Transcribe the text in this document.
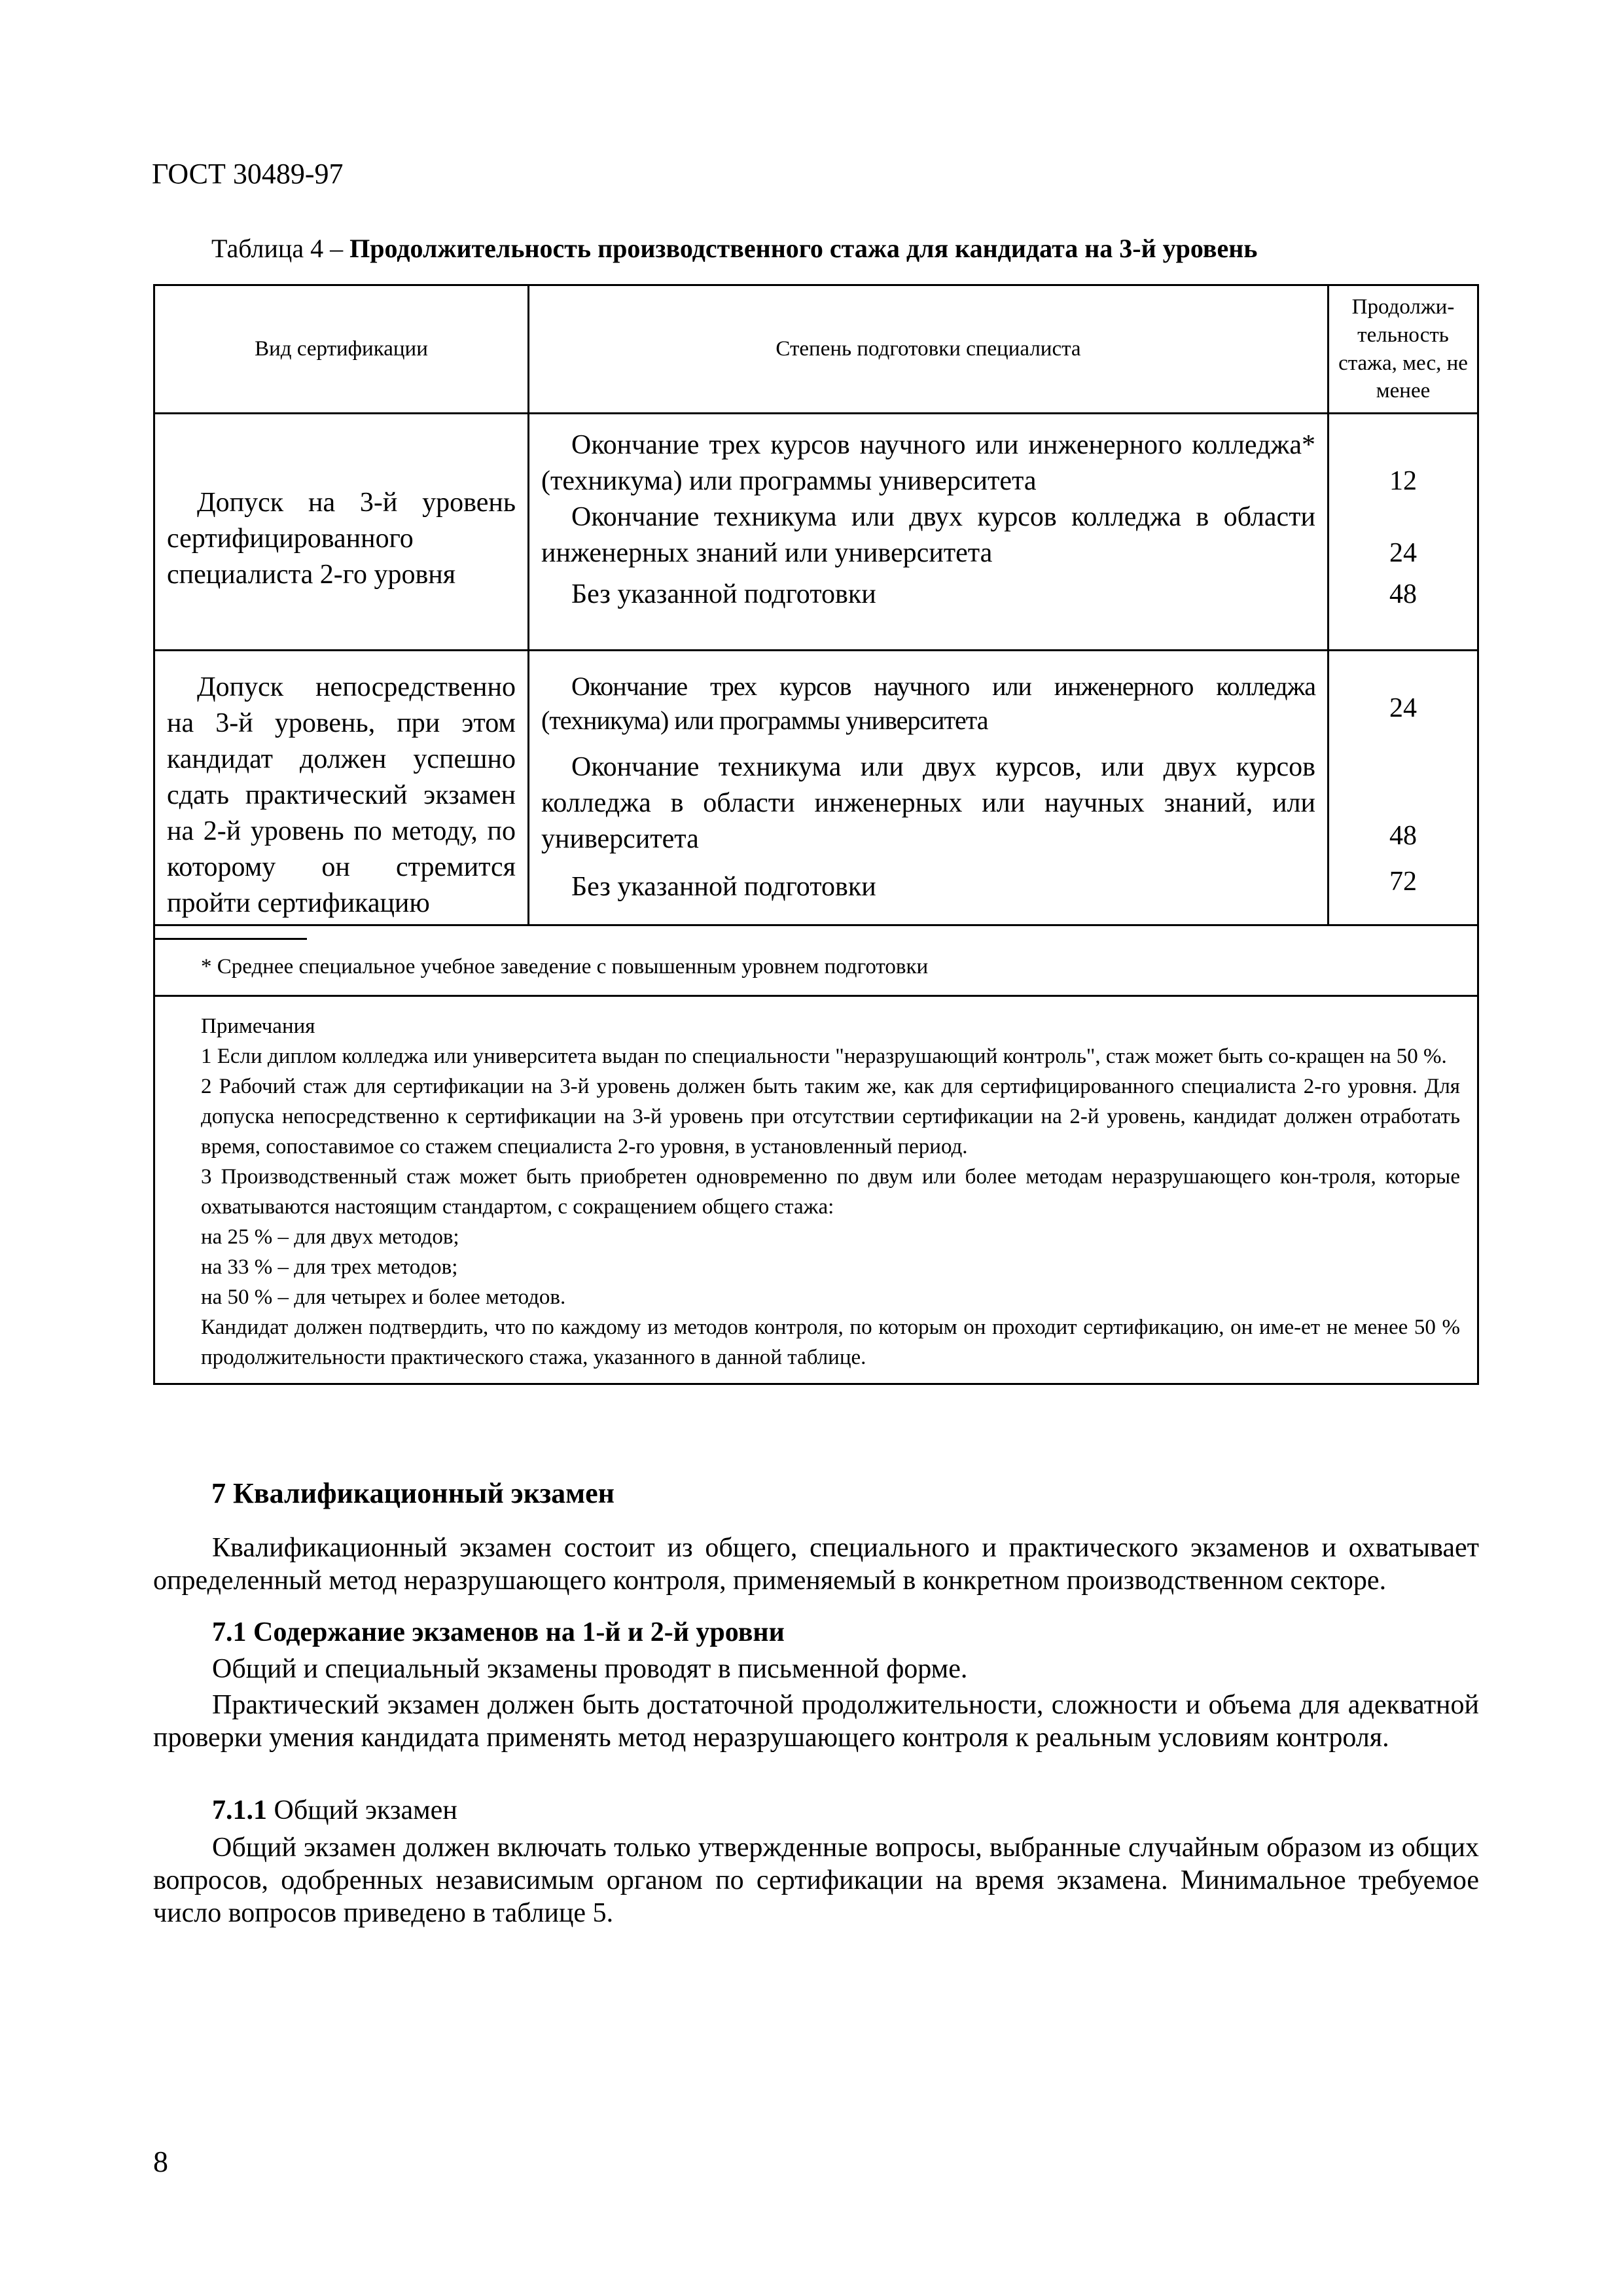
ГОСТ 30489-97
Таблица 4 – Продолжительность производственного стажа для кандидата на 3-й уровень
Вид сертификации	Степень подготовки специалиста
Продолжи-тельность стажа, мес, не менее
Допуск на 3-й уровень сертифицированного специалиста 2-го уровня
Окончание трех курсов научного или инженерного колледжа* (техникума) или программы университета
Окончание техникума или двух курсов колледжа в области инженерных знаний или университета
Без указанной подготовки
12
24
48
Допуск непосредственно на 3-й уровень, при этом кандидат должен успешно сдать практический экзамен на 2-й уровень по методу, по которому он стремится пройти сертификацию
Окончание трех курсов научного или инженерного колледжа (техникума) или программы университета
Окончание техникума или двух курсов, или двух курсов колледжа в области инженерных или научных знаний, или университета
Без указанной подготовки
24
48
72
* Среднее специальное учебное заведение с повышенным уровнем подготовки

Примечания

1 Если диплом колледжа или университета выдан по специальности "неразрушающий контроль", стаж может быть со-кращен на 50 %.

2 Рабочий стаж для сертификации на 3-й уровень должен быть таким же, как для сертифицированного специалиста 2-го уровня. Для допуска непосредственно к сертификации на 3-й уровень при отсутствии сертификации на 2-й уровень, кандидат должен отработать время, сопоставимое со стажем специалиста 2-го уровня, в установленный период.

3 Производственный стаж может быть приобретен одновременно по двум или более методам неразрушающего кон-троля, которые охватываются настоящим стандартом, с сокращением общего стажа:

на 25 % – для двух методов;

на 33 % – для трех методов;

на 50 % – для четырех и более методов.

Кандидат должен подтвердить, что по каждому из методов контроля, по которым он проходит сертификацию, он име-ет не менее 50 % продолжительности практического стажа, указанного в данной таблице.

7 Квалификационный экзамен

Квалификационный экзамен состоит из общего, специального и практического экзаменов и охватывает определенный метод неразрушающего контроля, применяемый в конкретном производственном секторе.

7.1 Содержание экзаменов на 1-й и 2-й уровни
Общий и специальный экзамены проводят в письменной форме.

Практический экзамен должен быть достаточной продолжительности, сложности и объема для адекватной проверки умения кандидата применять метод неразрушающего контроля к реальным условиям контроля.

7.1.1 Общий экзамен

Общий экзамен должен включать только утвержденные вопросы, выбранные случайным образом из общих вопросов, одобренных независимым органом по сертификации на время экзамена. Минимальное требуемое число вопросов приведено в таблице 5.

8
